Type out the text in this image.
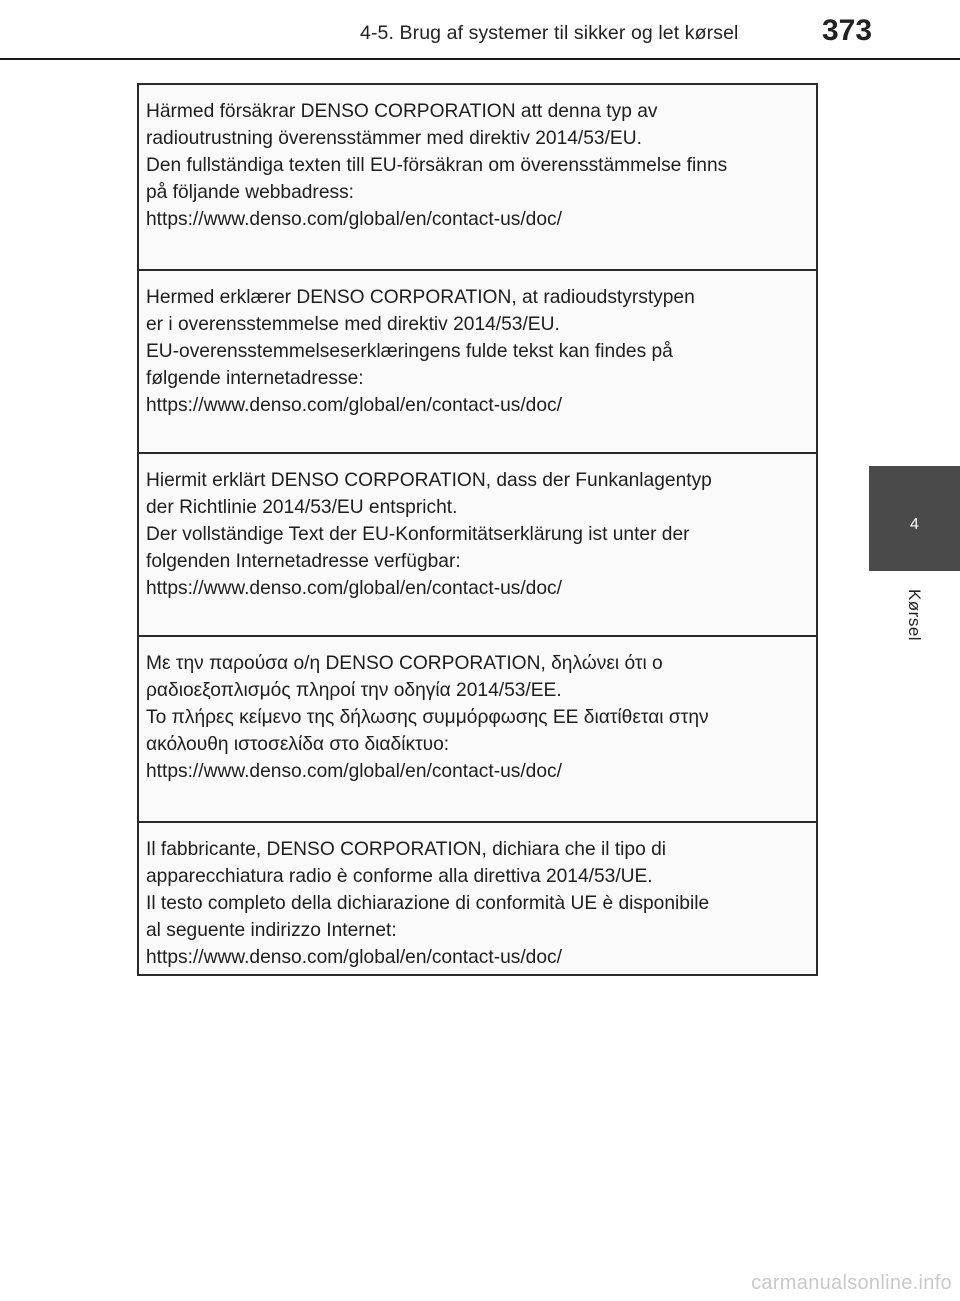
4-5. Brug af systemer til sikker og let kørsel	373
4
Kørsel
Härmed försäkrar DENSO CORPORATION att denna typ av
radioutrustning överensstämmer med direktiv 2014/53/EU.
Den fullständiga texten till EU-försäkran om överensstämmelse finns
på följande webbadress:
https://www.denso.com/global/en/contact-us/doc/
Hermed erklærer DENSO CORPORATION, at radioudstyrstypen
er i overensstemmelse med direktiv 2014/53/EU.
EU-overensstemmelseserklæringens fulde tekst kan findes på
følgende internetadresse:
https://www.denso.com/global/en/contact-us/doc/
Hiermit erklärt DENSO CORPORATION, dass der Funkanlagentyp
der Richtlinie 2014/53/EU entspricht.
Der vollständige Text der EU-Konformitätserklärung ist unter der
folgenden Internetadresse verfügbar:
https://www.denso.com/global/en/contact-us/doc/
Με την παρούσα ο/η DENSO CORPORATION, δηλώνει ότι ο
ραδιοεξοπλισμός πληροί την οδηγία 2014/53/ΕΕ.
Το πλήρες κείμενο της δήλωσης συμμόρφωσης ΕΕ διατίθεται στην
ακόλουθη ιστοσελίδα στο διαδίκτυο:
https://www.denso.com/global/en/contact-us/doc/
Il fabbricante, DENSO CORPORATION, dichiara che il tipo di
apparecchiatura radio è conforme alla direttiva 2014/53/UE.
Il testo completo della dichiarazione di conformità UE è disponibile
al seguente indirizzo Internet:
https://www.denso.com/global/en/contact-us/doc/
carmanualsonline.info
